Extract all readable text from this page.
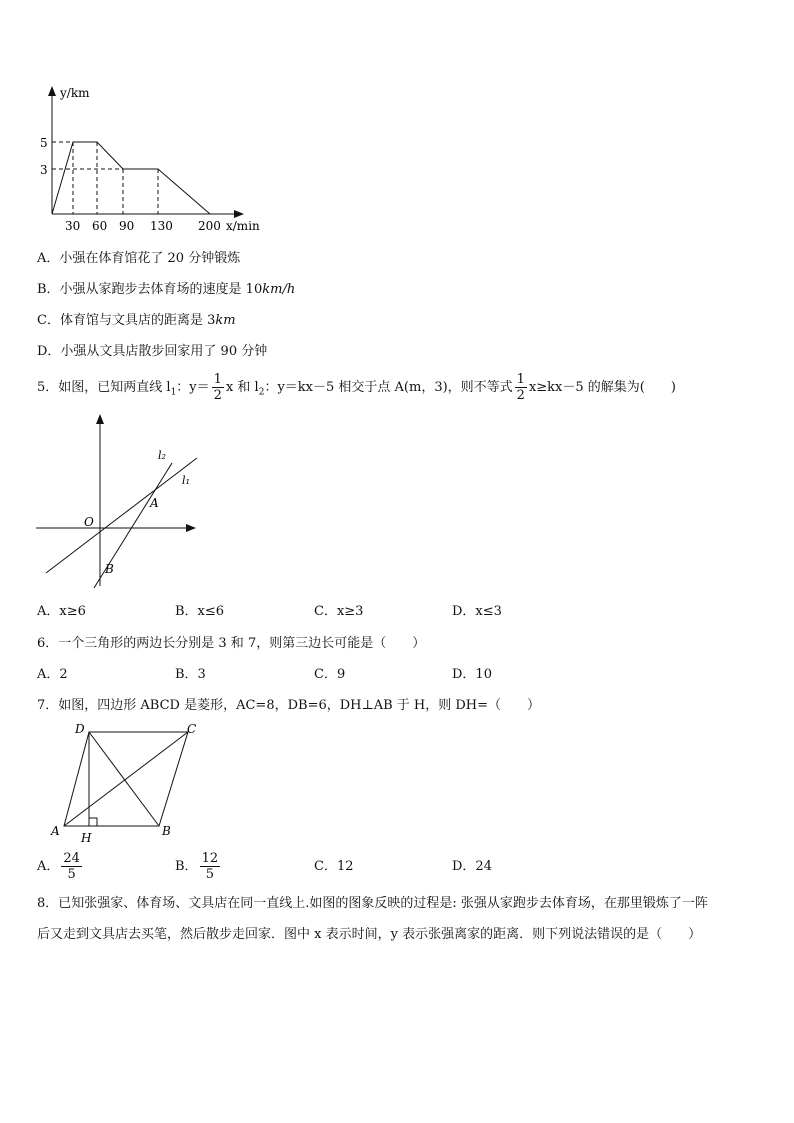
y/km
5
3
30 60 90 130 200 x/min
A．小强在体育馆花了 20 分钟锻炼
B．小强从家跑步去体育场的速度是 10km/h
C．体育馆与文具店的距离是 3km
D．小强从文具店散步回家用了 90 分钟
5．如图，已知两直线 $l_1$：$y= \frac{1}{2}$ x 和 $l_2$：y＝kx－5 相交于点 A(m，3)，则不等式 $\frac{1}{2} x\ge kx-5$ 的解集为(　　)
l₂
l₁
O
A
B
A．x≥6	B．x≤6	C．x≥3	D．x≤3
6．一个三角形的两边长分别是 3 和 7，则第三边长可能是（　　）
A．2	B．3	C．9	D．10
7．如图，四边形 ABCD 是菱形，AC=8，DB=6，DH⊥AB 于 H，则 DH=（　　）
D	C
A	B
H
A． $\frac{24}{5}$	B． $\frac{12}{5}$	C．12	D．24
8．已知张强家、体育场、文具店在同一直线上.如图的图象反映的过程是: 张强从家跑步去体育场，在那里锻炼了一阵
后又走到文具店去买笔，然后散步走回家．图中 x 表示时间，y 表示张强离家的距离．则下列说法错误的是（　　）
